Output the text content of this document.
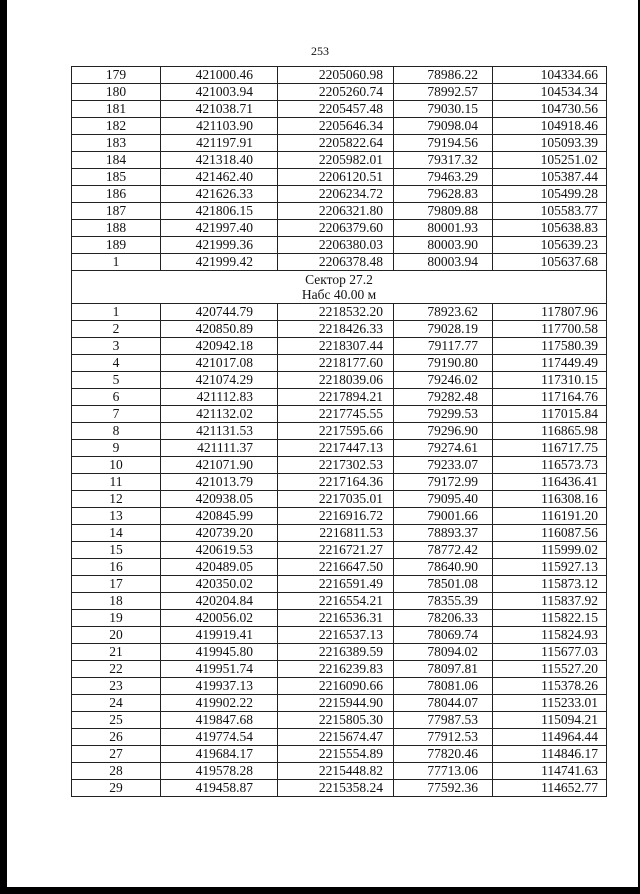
253
179	421000.46	2205060.98	78986.22	104334.66
180	421003.94	2205260.74	78992.57	104534.34
181	421038.71	2205457.48	79030.15	104730.56
182	421103.90	2205646.34	79098.04	104918.46
183	421197.91	2205822.64	79194.56	105093.39
184	421318.40	2205982.01	79317.32	105251.02
185	421462.40	2206120.51	79463.29	105387.44
186	421626.33	2206234.72	79628.83	105499.28
187	421806.15	2206321.80	79809.88	105583.77
188	421997.40	2206379.60	80001.93	105638.83
189	421999.36	2206380.03	80003.90	105639.23
1	421999.42	2206378.48	80003.94	105637.68

Сектор 27.2
Набс 40.00 м				

1	420744.79	2218532.20	78923.62	117807.96
2	420850.89	2218426.33	79028.19	117700.58
3	420942.18	2218307.44	79117.77	117580.39
4	421017.08	2218177.60	79190.80	117449.49
5	421074.29	2218039.06	79246.02	117310.15
6	421112.83	2217894.21	79282.48	117164.76
7	421132.02	2217745.55	79299.53	117015.84
8	421131.53	2217595.66	79296.90	116865.98
9	421111.37	2217447.13	79274.61	116717.75
10	421071.90	2217302.53	79233.07	116573.73
11	421013.79	2217164.36	79172.99	116436.41
12	420938.05	2217035.01	79095.40	116308.16
13	420845.99	2216916.72	79001.66	116191.20
14	420739.20	2216811.53	78893.37	116087.56
15	420619.53	2216721.27	78772.42	115999.02
16	420489.05	2216647.50	78640.90	115927.13
17	420350.02	2216591.49	78501.08	115873.12
18	420204.84	2216554.21	78355.39	115837.92
19	420056.02	2216536.31	78206.33	115822.15
20	419919.41	2216537.13	78069.74	115824.93
21	419945.80	2216389.59	78094.02	115677.03
22	419951.74	2216239.83	78097.81	115527.20
23	419937.13	2216090.66	78081.06	115378.26
24	419902.22	2215944.90	78044.07	115233.01
25	419847.68	2215805.30	77987.53	115094.21
26	419774.54	2215674.47	77912.53	114964.44
27	419684.17	2215554.89	77820.46	114846.17
28	419578.28	2215448.82	77713.06	114741.63
29	419458.87	2215358.24	77592.36	114652.77
